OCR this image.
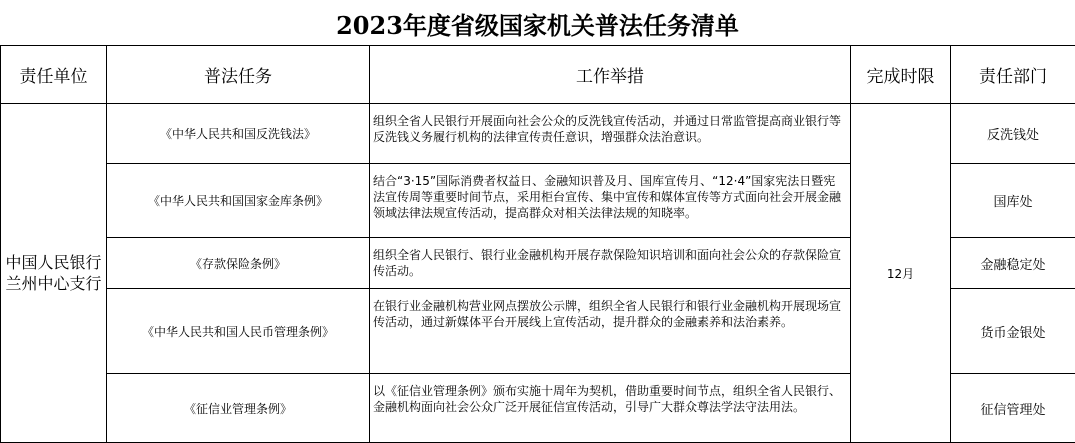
2023年度省级国家机关普法任务清单
责任单位	普法任务	工作举措	完成时限	责任部门
中国人民银行兰州中心支行	《中华人民共和国反洗钱法》	组织全省人民银行开展面向社会公众的反洗钱宣传活动，并通过日常监管提高商业银行等反洗钱义务履行机构的法律宣传责任意识，增强群众法治意识。	12月	反洗钱处
	《中华人民共和国国家金库条例》	结合“3·15”国际消费者权益日、金融知识普及月、国库宣传月、“12·4”国家宪法日暨宪法宣传周等重要时间节点，采用柜台宣传、集中宣传和媒体宣传等方式面向社会开展金融领域法律法规宣传活动，提高群众对相关法律法规的知晓率。		国库处
	《存款保险条例》	组织全省人民银行、银行业金融机构开展存款保险知识培训和面向社会公众的存款保险宣传活动。		金融稳定处
	《中华人民共和国人民币管理条例》	在银行业金融机构营业网点摆放公示牌，组织全省人民银行和银行业金融机构开展现场宣传活动，通过新媒体平台开展线上宣传活动，提升群众的金融素养和法治素养。		货币金银处
	《征信业管理条例》	以《征信业管理条例》颁布实施十周年为契机，借助重要时间节点，组织全省人民银行、金融机构面向社会公众广泛开展征信宣传活动，引导广大群众尊法学法守法用法。		征信管理处
